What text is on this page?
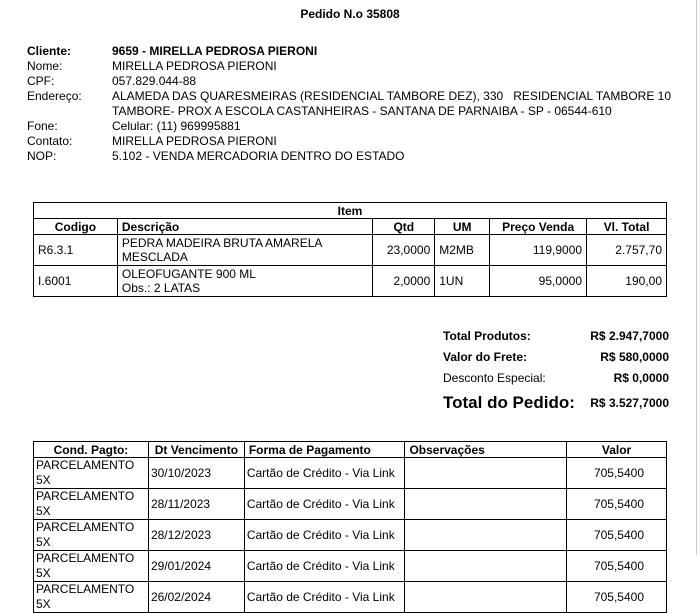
Pedido N.o 35808
Cliente:	9659 - MIRELLA PEDROSA PIERONI
Nome:	MIRELLA PEDROSA PIERONI
CPF:	057.829.044-88
Endereço:	ALAMEDA DAS QUARESMEIRAS (RESIDENCIAL TAMBORE DEZ), 330   RESIDENCIAL TAMBORE 10
TAMBORE- PROX A ESCOLA CASTANHEIRAS - SANTANA DE PARNAIBA - SP - 06544-610
Fone:	Celular: (11) 969995881
Contato:	MIRELLA PEDROSA PIERONI
NOP:	5.102 - VENDA MERCADORIA DENTRO DO ESTADO
Item					
Codigo	Descrição	Qtd	UM	Preço Venda	Vl. Total
R6.3.1	PEDRA MADEIRA BRUTA AMARELA
MESCLADA	23,0000	M2MB	119,9000	2.757,70
I.6001	OLEOFUGANTE 900 ML
Obs.: 2 LATAS	2,0000	1UN	95,0000	190,00
Total Produtos:	R$ 2.947,7000
Valor do Frete:	R$ 580,0000
Desconto Especial:	R$ 0,0000
Total do Pedido: R$ 3.527,7000
Cond. Pagto:	Dt Vencimento	Forma de Pagamento	Observações	Valor
PARCELAMENTO 5X	30/10/2023	Cartão de Crédito - Via Link		705,5400
PARCELAMENTO 5X	28/11/2023	Cartão de Crédito - Via Link		705,5400
PARCELAMENTO 5X	28/12/2023	Cartão de Crédito - Via Link		705,5400
PARCELAMENTO 5X	29/01/2024	Cartão de Crédito - Via Link		705,5400
PARCELAMENTO 5X	26/02/2024	Cartão de Crédito - Via Link		705,5400
